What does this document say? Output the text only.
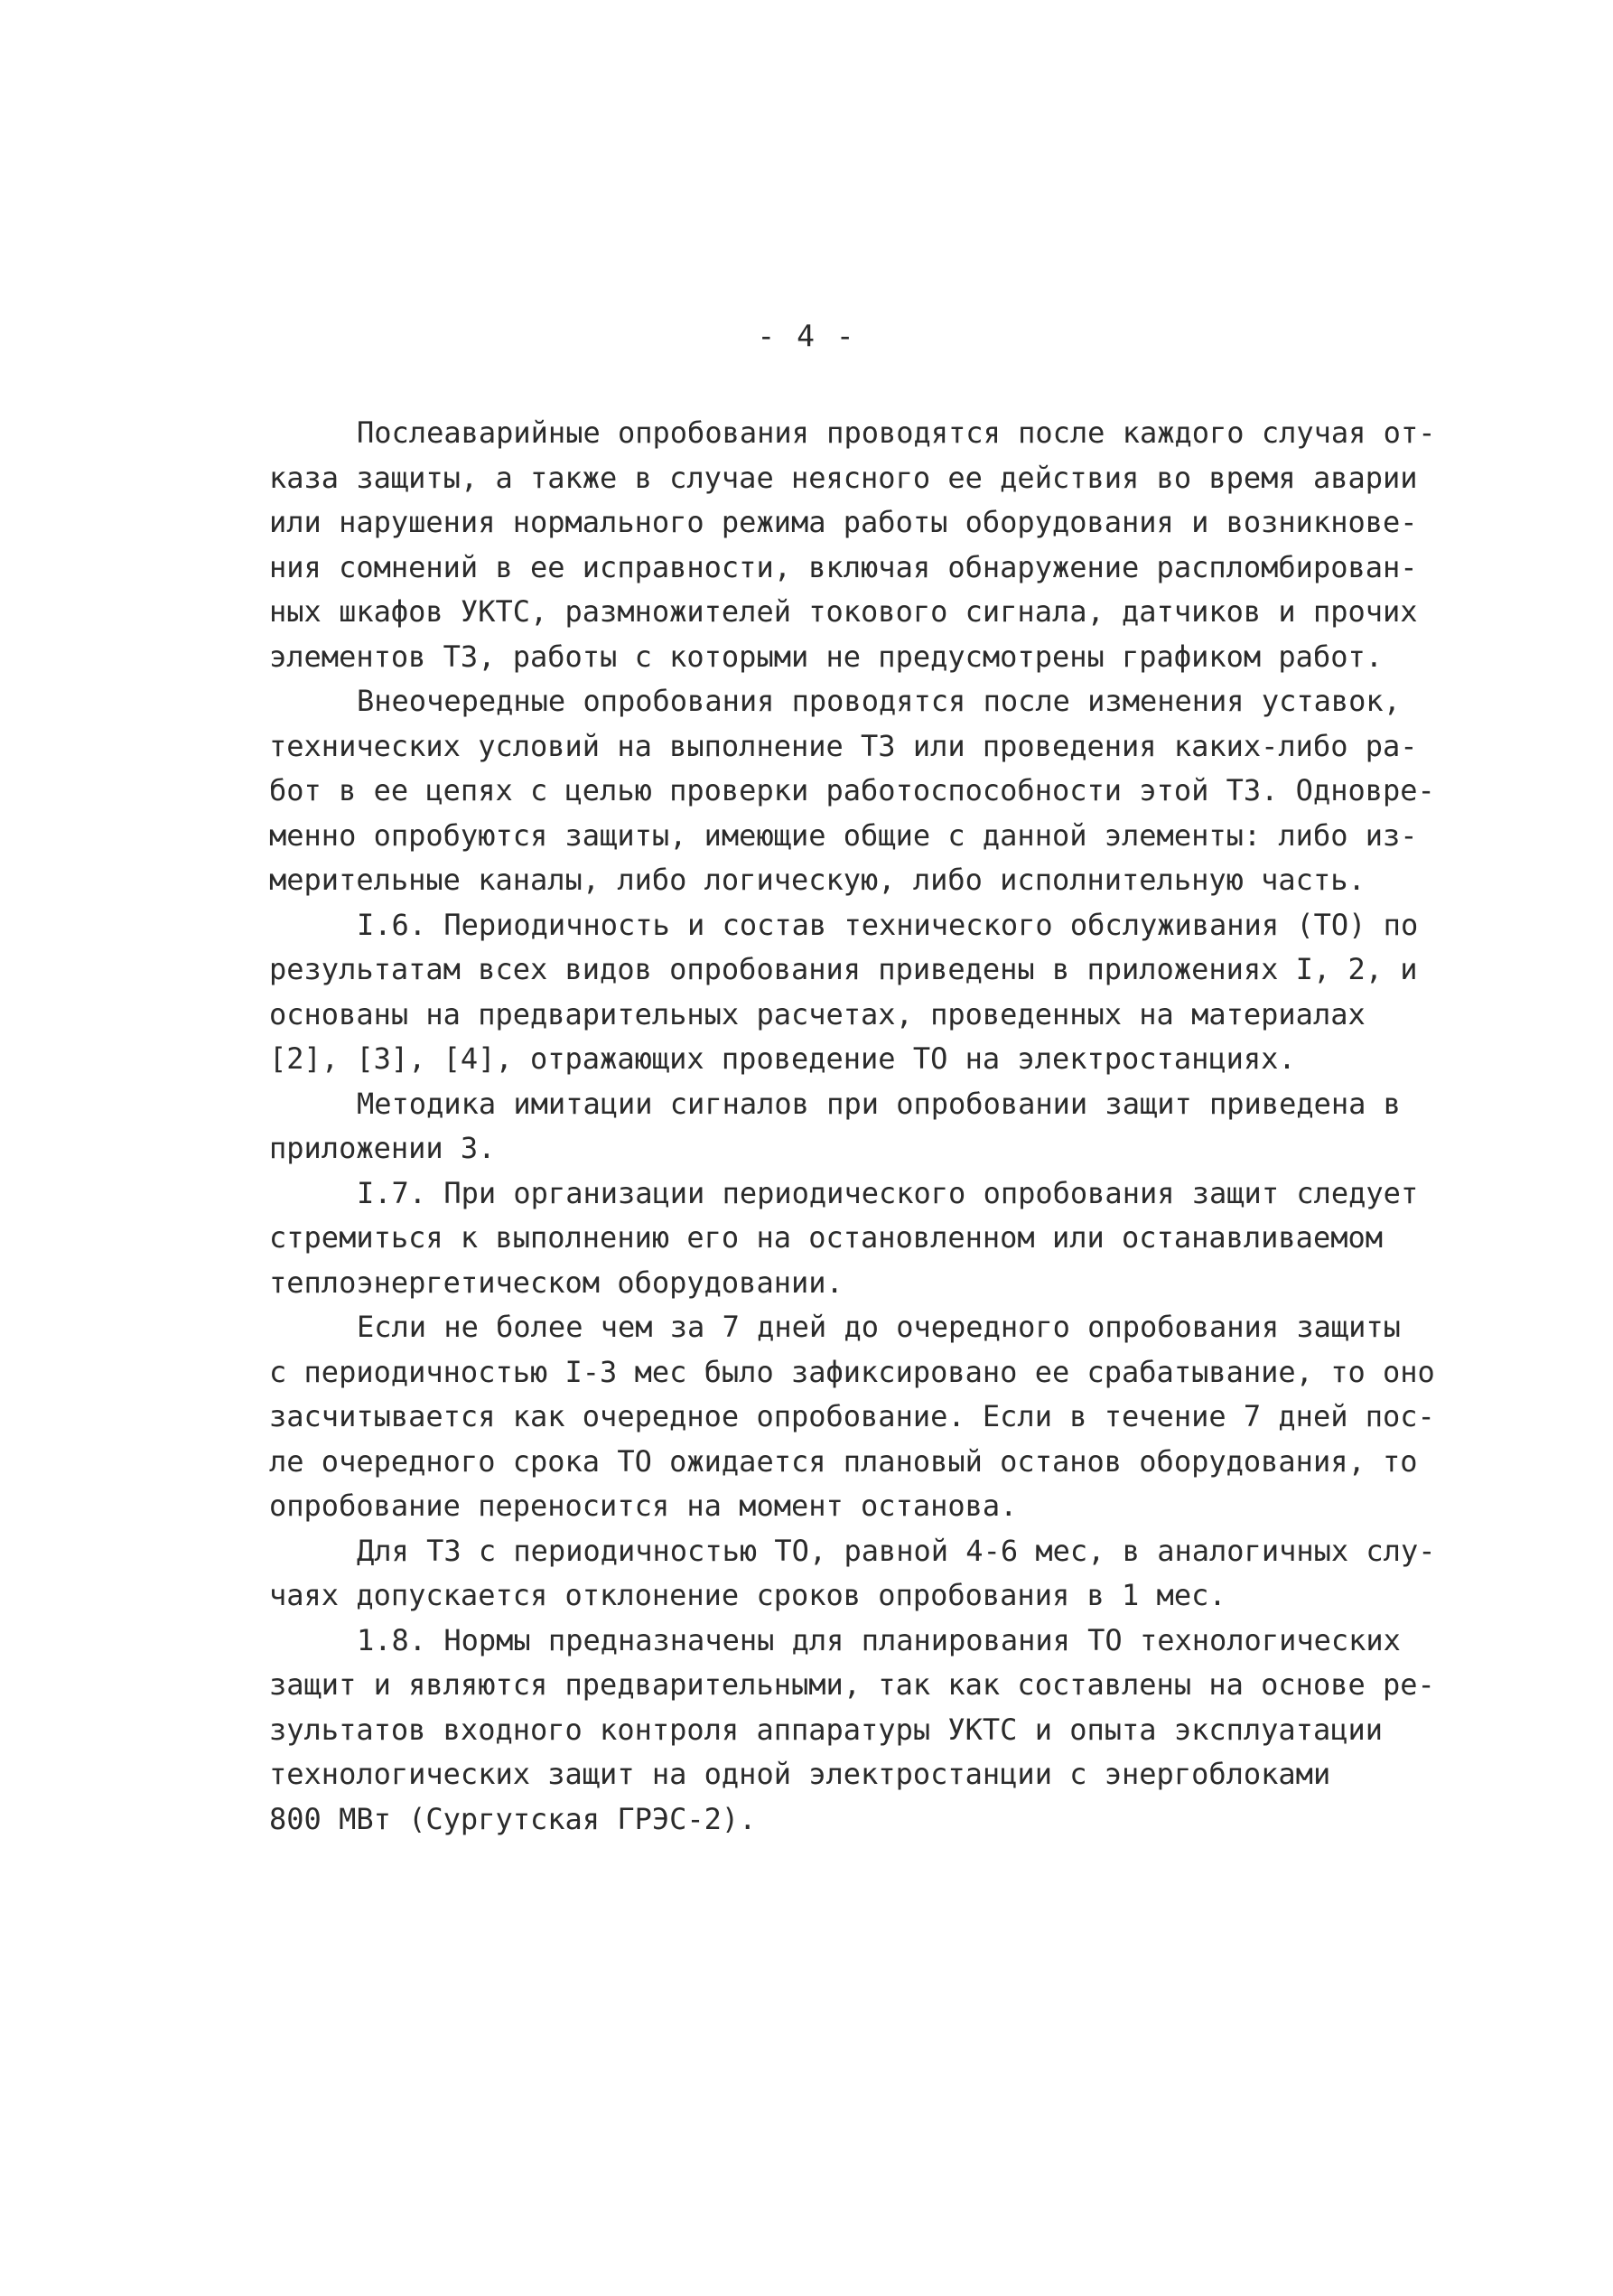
- 4 -
Послеаварийные опробования проводятся после каждого случая от-
каза защиты, а также в случае неясного ее действия во время аварии
или нарушения нормального режима работы оборудования и возникнове-
ния сомнений в ее исправности, включая обнаружение распломбирован-
ных шкафов УКТС, размножителей токового сигнала, датчиков и прочих
элементов ТЗ, работы с которыми не предусмотрены графиком работ.
Внеочередные опробования проводятся после изменения уставок,
технических условий на выполнение ТЗ или проведения каких-либо ра-
бот в ее цепях с целью проверки работоспособности этой ТЗ. Одновре-
менно опробуются защиты, имеющие общие с данной элементы: либо из-
мерительные каналы, либо логическую, либо исполнительную часть.
I.6. Периодичность и состав технического обслуживания (ТО) по
результатам всех видов опробования приведены в приложениях I, 2, и
основаны на предварительных расчетах, проведенных на материалах
[2], [3], [4], отражающих проведение ТО на электростанциях.
Методика имитации сигналов при опробовании защит приведена в
приложении 3.
I.7. При организации периодического опробования защит следует
стремиться к выполнению его на остановленном или останавливаемом
теплоэнергетическом оборудовании.
Если не более чем за 7 дней до очередного опробования защиты
с периодичностью I-3 мес было зафиксировано ее срабатывание, то оно
засчитывается как очередное опробование. Если в течение 7 дней пос-
ле очередного срока ТО ожидается плановый останов оборудования, то
опробование переносится на момент останова.
Для ТЗ с периодичностью ТО, равной 4-6 мес, в аналогичных слу-
чаях допускается отклонение сроков опробования в 1 мес.
1.8. Нормы предназначены для планирования ТО технологических
защит и являются предварительными, так как составлены на основе ре-
зультатов входного контроля аппаратуры УКТС и опыта эксплуатации
технологических защит на одной электростанции с энергоблоками
800 МВт (Сургутская ГРЭС-2).
